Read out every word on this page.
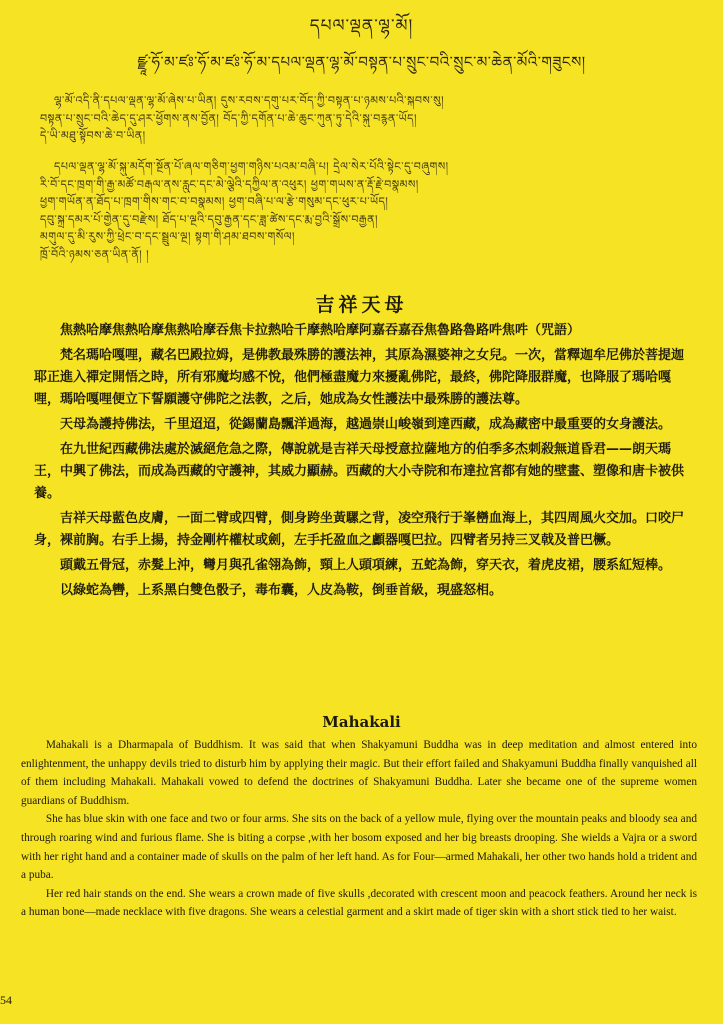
དཔལ་ལྡན་ལྷ་མོ།
ཛྫཱ་ཧོ་མ་ཛཿ་ཧོ་མ་ཛཿ་ཧོ་མ་དཔལ་ལྡན་ལྷ་མོ་བསྟན་པ་སྲུང་བའི་སྲུང་མ་ཆེན་མོའི་གཟུངས།
ལྷ་མོ་འདི་ནི་དཔལ་ལྡན་ལྷ་མོ་ཞེས་པ་ཡིན། དུས་རབས་དགུ་པར་བོད་ཀྱི་བསྟན་པ་ཉམས་པའི་སྐབས་སུ།
བསྟན་པ་སྲུང་བའི་ཆེད་དུ་ཤར་ཕྱོགས་ནས་བྱོན། བོད་ཀྱི་དགོན་པ་ཆེ་ཆུང་ཀུན་ཏུ་དེའི་སྐུ་བརྙན་ཡོད།
དེ་ཡི་མཐུ་སྟོབས་ཆེ་བ་ཡིན།
དཔལ་ལྡན་ལྷ་མོ་སྐུ་མདོག་སྔོན་པོ་ཞལ་གཅིག་ཕྱག་གཉིས་པའམ་བཞི་པ། དྲེལ་སེར་པོའི་སྟེང་དུ་བཞུགས།
རི་བོ་དང་ཁྲག་གི་རྒྱ་མཚོ་བརྒལ་ནས་རླུང་དང་མེ་ལྕེའི་དཀྱིལ་ན་འཕུར། ཕྱག་གཡས་ན་རྡོ་རྗེ་བསྣམས།
ཕྱག་གཡོན་ན་ཐོད་པ་ཁྲག་གིས་གང་བ་བསྣམས། ཕྱག་བཞི་པ་ལ་རྩེ་གསུམ་དང་ཕུར་པ་ཡོད།
དབུ་སྐྲ་དམར་པོ་གྱེན་དུ་བརྫེས། ཐོད་པ་ལྔའི་དབུ་རྒྱན་དང་ཟླ་ཚེས་དང་རྨ་བྱའི་སྒྲོས་བརྒྱན།
མགུལ་དུ་མི་རུས་ཀྱི་ཕྲེང་བ་དང་སྦྲུལ་ལྔ། སྟག་གི་ཤམ་ཐབས་གསོལ།
ཁྲོ་བོའི་ཉམས་ཅན་ཡིན་ནོ། །
吉祥天母

焦熱哈摩焦熱哈摩焦熱哈摩吞焦卡拉熱哈千摩熱哈摩阿嘉吞嘉吞焦魯路魯路吽焦吽（咒語）

梵名瑪哈嘎哩，藏名巴殿拉姆，是佛教最殊勝的護法神，其原為濕婆神之女兒。一次，當釋迦牟尼佛於菩提迦耶正進入禪定開悟之時，所有邪魔均感不悅，他們極盡魔力來擾亂佛陀，最終，佛陀降服群魔，也降服了瑪哈嘎哩，瑪哈嘎哩便立下誓願護守佛陀之法教，之后，她成為女性護法中最殊勝的護法尊。

天母為護持佛法，千里迢迢，從錫蘭島飄洋過海，越過崇山峻嶺到達西藏，成為藏密中最重要的女身護法。

在九世紀西藏佛法處於滅絕危急之際，傳說就是吉祥天母授意拉薩地方的伯季多杰刺殺無道昏君——朗天瑪王，中興了佛法，而成為西藏的守護神，其威力顯赫。西藏的大小寺院和布達拉宮都有她的壁畫、塑像和唐卡被供養。

吉祥天母藍色皮膚，一面二臂或四臂，側身跨坐黃騾之背，凌空飛行于峯巒血海上，其四周風火交加。口咬尸身，裸前胸。右手上揚，持金剛杵權杖或劍，左手托盈血之顱器嘎巴拉。四臂者另持三叉戟及普巴橛。

頭戴五骨冠，赤髮上沖，彎月與孔雀翎為飾，頸上人頭項練，五蛇為飾，穿天衣，着虎皮裙，腰系紅短棒。

以綠蛇為轡，上系黑白雙色骰子，毒布囊，人皮為鞍，倒垂首級，現盛怒相。

Mahakali

Mahakali is a Dharmapala of Buddhism. It was said that when Shakyamuni Buddha was in deep meditation and almost entered into enlightenment, the unhappy devils tried to disturb him by applying their magic. But their effort failed and Shakyamuni Buddha finally vanquished all of them including Mahakali. Mahakali vowed to defend the doctrines of Shakyamuni Buddha. Later she became one of the supreme women guardians of Buddhism.

She has blue skin with one face and two or four arms. She sits on the back of a yellow mule, flying over the mountain peaks and bloody sea and through roaring wind and furious flame. She is biting a corpse ,with her bosom exposed and her big breasts drooping. She wields a Vajra or a sword with her right hand and a container made of skulls on the palm of her left hand. As for Four—armed Mahakali, her other two hands hold a trident and a puba.

Her red hair stands on the end. She wears a crown made of five skulls ,decorated with crescent moon and peacock feathers. Around her neck is a human bone—made necklace with five dragons. She wears a celestial garment and a skirt made of tiger skin with a short stick tied to her waist.

54
